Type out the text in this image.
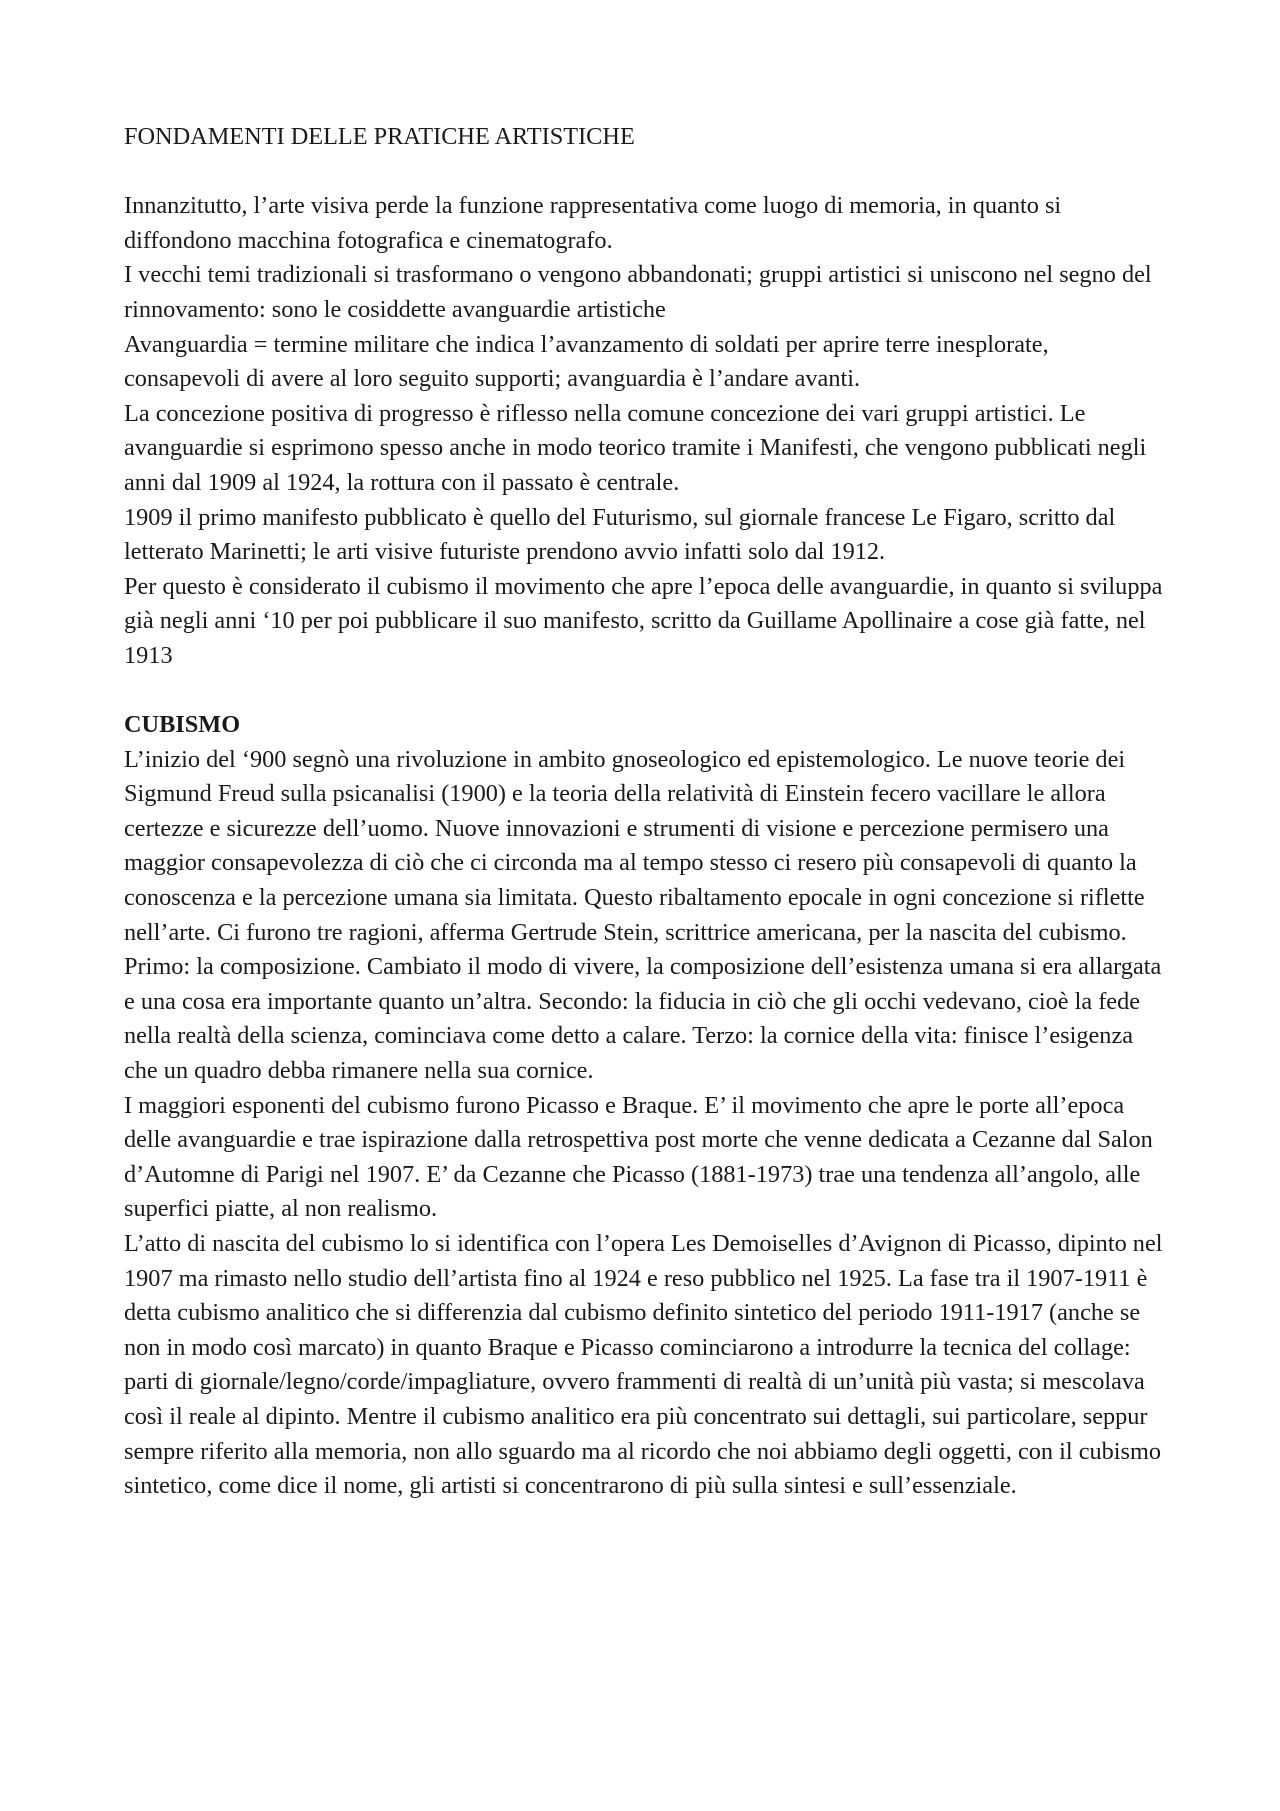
FONDAMENTI DELLE PRATICHE ARTISTICHE

Innanzitutto, l’arte visiva perde la funzione rappresentativa come luogo di memoria, in quanto si diffondono macchina fotografica e cinematografo.

I vecchi temi tradizionali si trasformano o vengono abbandonati; gruppi artistici si uniscono nel segno del rinnovamento: sono le cosiddette avanguardie artistiche

Avanguardia = termine militare che indica l’avanzamento di soldati per aprire terre inesplorate, consapevoli di avere al loro seguito supporti; avanguardia è l’andare avanti.

La concezione positiva di progresso è riflesso nella comune concezione dei vari gruppi artistici. Le avanguardie si esprimono spesso anche in modo teorico tramite i Manifesti, che vengono pubblicati negli anni dal 1909 al 1924, la rottura con il passato è centrale.

1909 il primo manifesto pubblicato è quello del Futurismo, sul giornale francese Le Figaro, scritto dal letterato Marinetti; le arti visive futuriste prendono avvio infatti solo dal 1912.

Per questo è considerato il cubismo il movimento che apre l’epoca delle avanguardie, in quanto si sviluppa già negli anni ‘10 per poi pubblicare il suo manifesto, scritto da Guillame Apollinaire a cose già fatte, nel 1913

CUBISMO

L’inizio del ‘900 segnò una rivoluzione in ambito gnoseologico ed epistemologico. Le nuove teorie dei Sigmund Freud sulla psicanalisi (1900) e la teoria della relatività di Einstein fecero vacillare le allora certezze e sicurezze dell’uomo. Nuove innovazioni e strumenti di visione e percezione permisero una maggior consapevolezza di ciò che ci circonda ma al tempo stesso ci resero più consapevoli di quanto la conoscenza e la percezione umana sia limitata. Questo ribaltamento epocale in ogni concezione si riflette nell’arte. Ci furono tre ragioni, afferma Gertrude Stein, scrittrice americana, per la nascita del cubismo. Primo: la composizione. Cambiato il modo di vivere, la composizione dell’esistenza umana si era allargata e una cosa era importante quanto un’altra. Secondo: la fiducia in ciò che gli occhi vedevano, cioè la fede nella realtà della scienza, cominciava come detto a calare. Terzo: la cornice della vita: finisce l’esigenza che un quadro debba rimanere nella sua cornice.

I maggiori esponenti del cubismo furono Picasso e Braque. E’ il movimento che apre le porte all’epoca delle avanguardie e trae ispirazione dalla retrospettiva post morte che venne dedicata a Cezanne dal Salon d’Automne di Parigi nel 1907. E’ da Cezanne che Picasso (1881-1973) trae una tendenza all’angolo, alle superfici piatte, al non realismo.

L’atto di nascita del cubismo lo si identifica con l’opera Les Demoiselles d’Avignon di Picasso, dipinto nel 1907 ma rimasto nello studio dell’artista fino al 1924 e reso pubblico nel 1925. La fase tra il 1907-1911 è detta cubismo analitico che si differenzia dal cubismo definito sintetico del periodo 1911-1917 (anche se non in modo così marcato) in quanto Braque e Picasso cominciarono a introdurre la tecnica del collage: parti di giornale/legno/corde/impagliature, ovvero frammenti di realtà di un’unità più vasta; si mescolava così il reale al dipinto. Mentre il cubismo analitico era più concentrato sui dettagli, sui particolare, seppur sempre riferito alla memoria, non allo sguardo ma al ricordo che noi abbiamo degli oggetti, con il cubismo sintetico, come dice il nome, gli artisti si concentrarono di più sulla sintesi e sull’essenziale.
